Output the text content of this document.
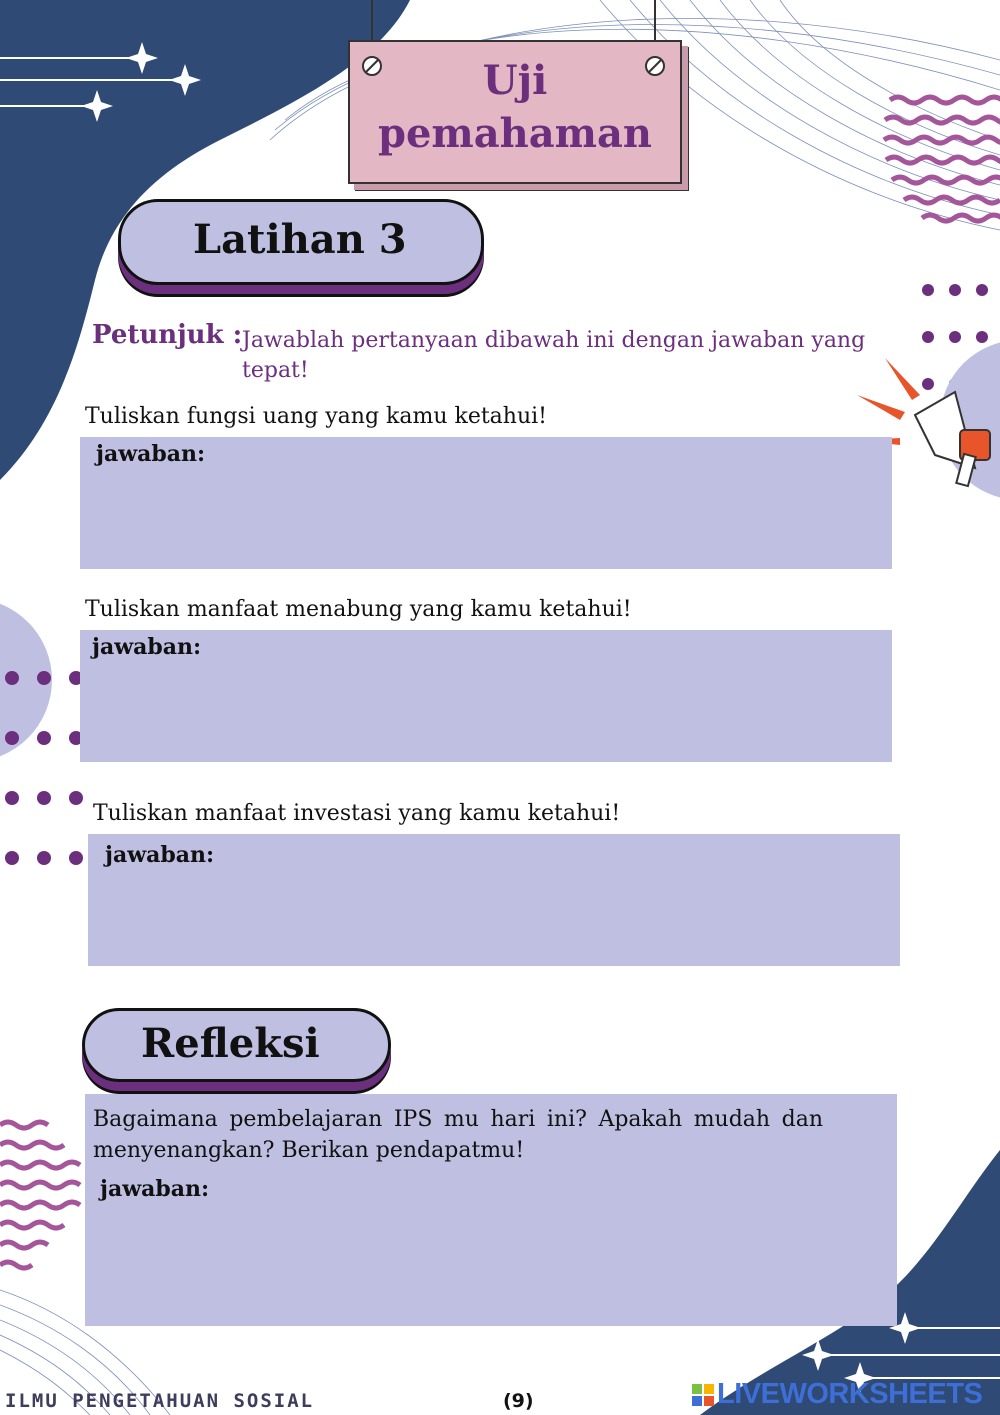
Uji
pemahaman
Latihan 3
Petunjuk : Jawablah pertanyaan dibawah ini dengan jawaban yang tepat!
Tuliskan fungsi uang yang kamu ketahui!
jawaban:
Tuliskan manfaat menabung yang kamu ketahui!
jawaban:
Tuliskan manfaat investasi yang kamu ketahui!
jawaban:
Refleksi
Bagaimana pembelajaran IPS mu hari ini? Apakah mudah dan menyenangkan? Berikan pendapatmu!
jawaban:
ILMU PENGETAHUAN SOSIAL	(9)	LIVEWORKSHEETS
